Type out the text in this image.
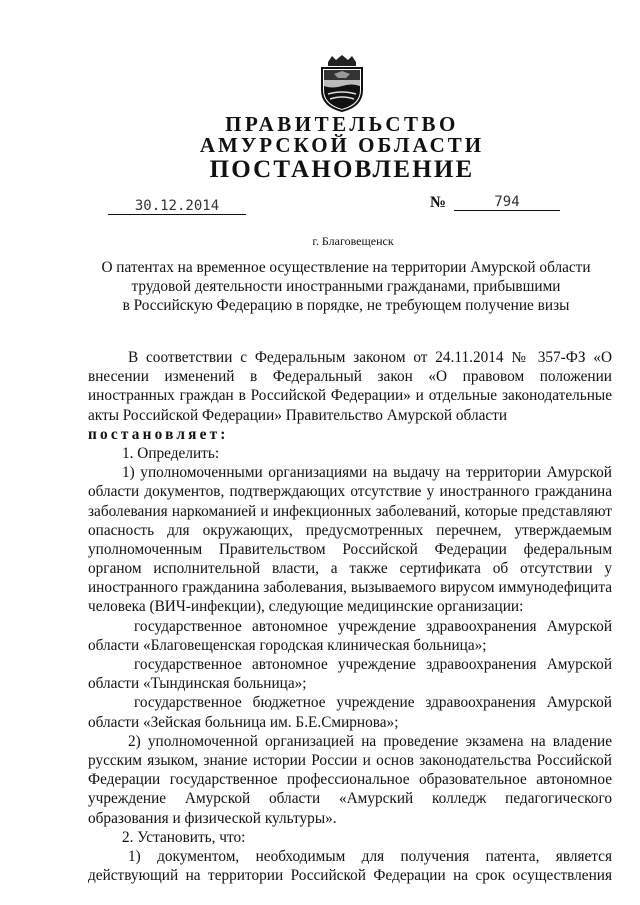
ПРАВИТЕЛЬСТВО
АМУРСКОЙ ОБЛАСТИ
ПОСТАНОВЛЕНИЕ
30.12.2014	№	794
г. Благовещенск
О патентах на временное осуществление на территории Амурской области
трудовой деятельности иностранными гражданами, прибывшими
в Российскую Федерацию в порядке, не требующем получение визы
В соответствии с Федеральным законом от 24.11.2014 № 357-ФЗ «О
внесении изменений в Федеральный закон «О правовом положении
иностранных граждан в Российской Федерации» и отдельные законодательные
акты Российской Федерации» Правительство Амурской области
постановляет:
1. Определить:
1) уполномоченными организациями на выдачу на территории Амурской
области документов, подтверждающих отсутствие у иностранного гражданина
заболевания наркоманией и инфекционных заболеваний, которые представляют
опасность для окружающих, предусмотренных перечнем, утверждаемым
уполномоченным Правительством Российской Федерации федеральным
органом исполнительной власти, а также сертификата об отсутствии у
иностранного гражданина заболевания, вызываемого вирусом иммунодефицита
человека (ВИЧ-инфекции), следующие медицинские организации:
государственное автономное учреждение здравоохранения Амурской
области «Благовещенская городская клиническая больница»;
государственное автономное учреждение здравоохранения Амурской
области «Тындинская больница»;
государственное бюджетное учреждение здравоохранения Амурской
области «Зейская больница им. Б.Е.Смирнова»;
2) уполномоченной организацией на проведение экзамена на владение
русским языком, знание истории России и основ законодательства Российской
Федерации государственное профессиональное образовательное автономное
учреждение Амурской области «Амурский колледж педагогического
образования и физической культуры».
2. Установить, что:
1) документом, необходимым для получения патента, является
действующий на территории Российской Федерации на срок осуществления
